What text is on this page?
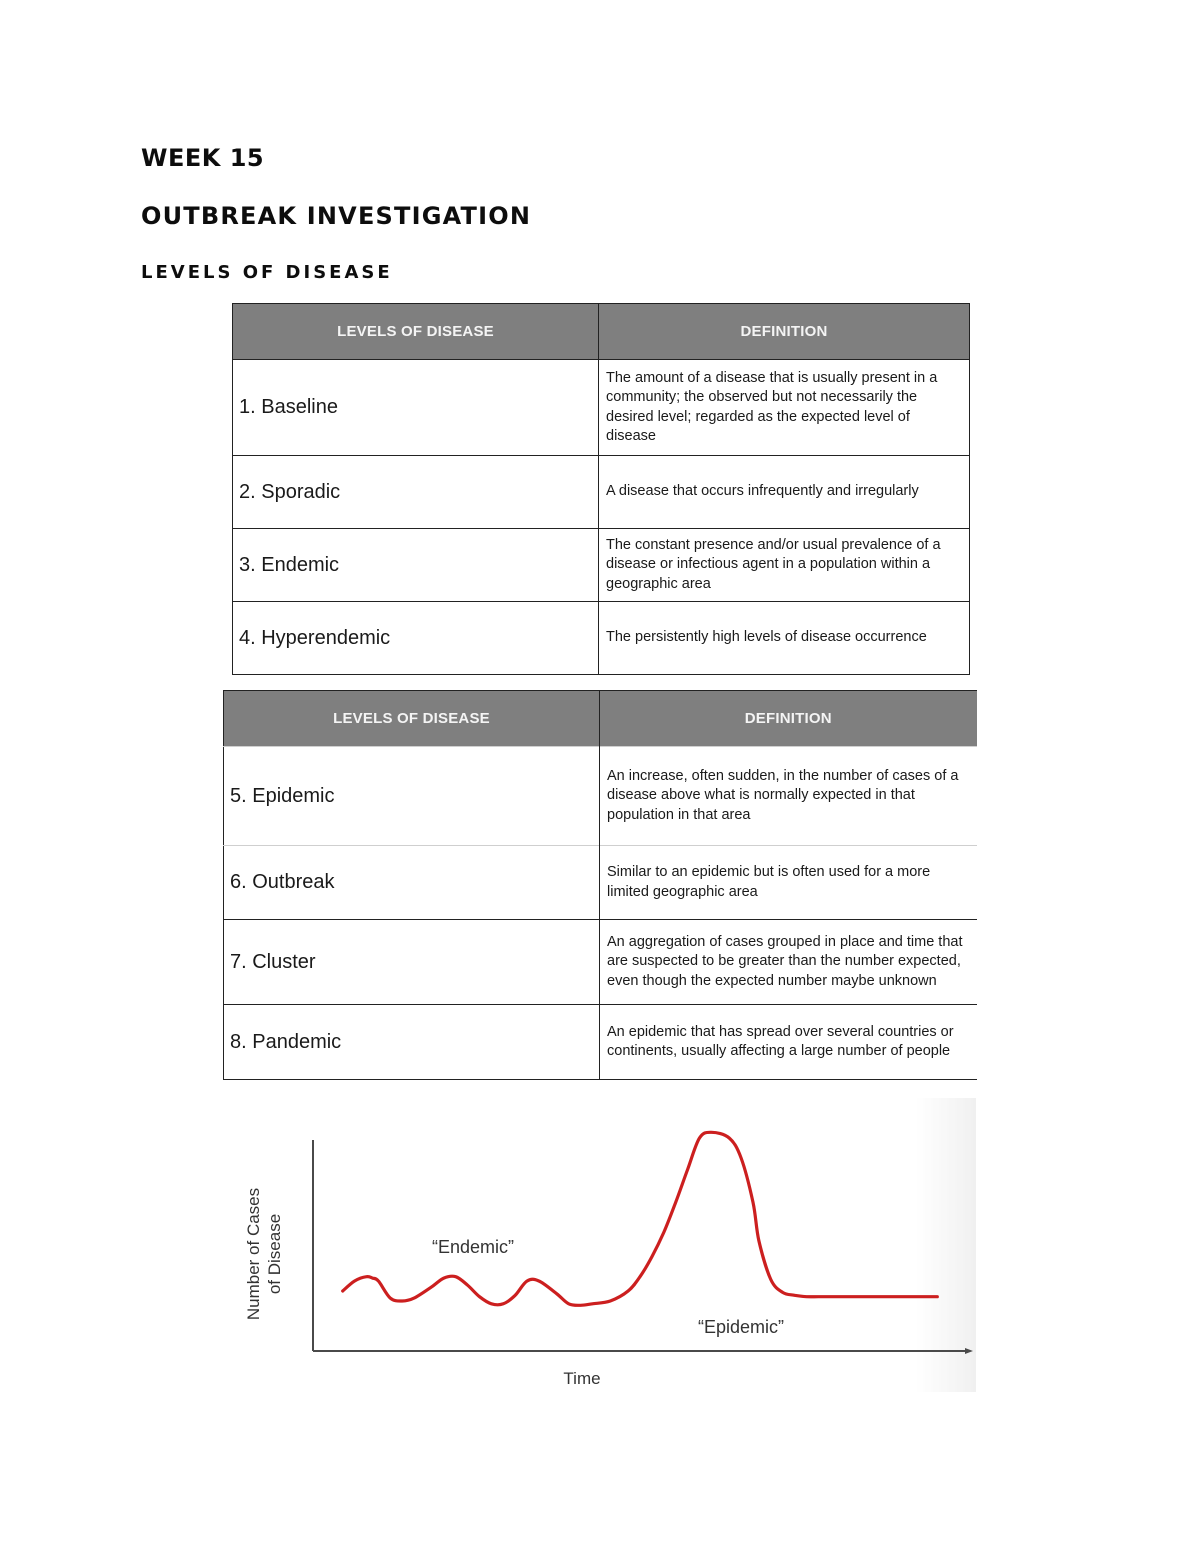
WEEK 15
OUTBREAK INVESTIGATION
LEVELS OF DISEASE
LEVELS OF DISEASE	DEFINITION
1. Baseline	The amount of a disease that is usually present in a community; the observed but not necessarily the desired level; regarded as the expected level of disease
2. Sporadic	A disease that occurs infrequently and irregularly
3. Endemic	The constant presence and/or usual prevalence of a disease or infectious agent in a population within a geographic area
4. Hyperendemic	The persistently high levels of disease occurrence
LEVELS OF DISEASE	DEFINITION
5. Epidemic	An increase, often sudden, in the number of cases of a disease above what is normally expected in that population in that area
6. Outbreak	Similar to an epidemic but is often used for a more limited geographic area
7. Cluster	An aggregation of cases grouped in place and time that are suspected to be greater than the number expected, even though the expected number maybe unknown
8. Pandemic	An epidemic that has spread over several countries or continents, usually affecting a large number of people
Number of Cases of Disease
Time
“Endemic”
“Epidemic”
